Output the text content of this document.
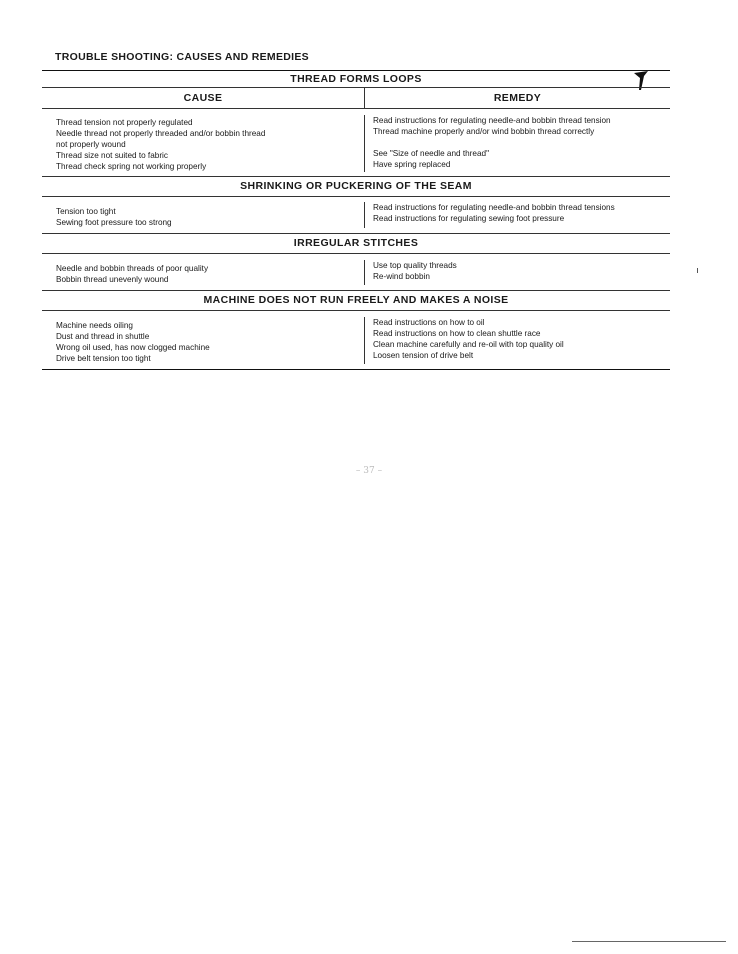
TROUBLE SHOOTING: CAUSES AND REMEDIES
THREAD FORMS LOOPS
CAUSE	REMEDY
Thread tension not properly regulated
Needle thread not properly threaded and/or bobbin thread
not properly wound
Thread size not suited to fabric
Thread check spring not working properly
Read instructions for regulating needle-and bobbin thread tension
Thread machine properly and/or wind bobbin thread correctly
See "Size of needle and thread"
Have spring replaced
SHRINKING OR PUCKERING OF THE SEAM
Tension too tight
Sewing foot pressure too strong
Read instructions for regulating needle-and bobbin thread tensions
Read instructions for regulating sewing foot pressure
IRREGULAR STITCHES
Needle and bobbin threads of poor quality
Bobbin thread unevenly wound
Use top quality threads
Re-wind bobbin
MACHINE DOES NOT RUN FREELY AND MAKES A NOISE
Machine needs oiling
Dust and thread in shuttle
Wrong oil used, has now clogged machine
Drive belt tension too tight
Read instructions on how to oil
Read instructions on how to clean shuttle race
Clean machine carefully and re-oil with top quality oil
Loosen tension of drive belt
– 37 –
